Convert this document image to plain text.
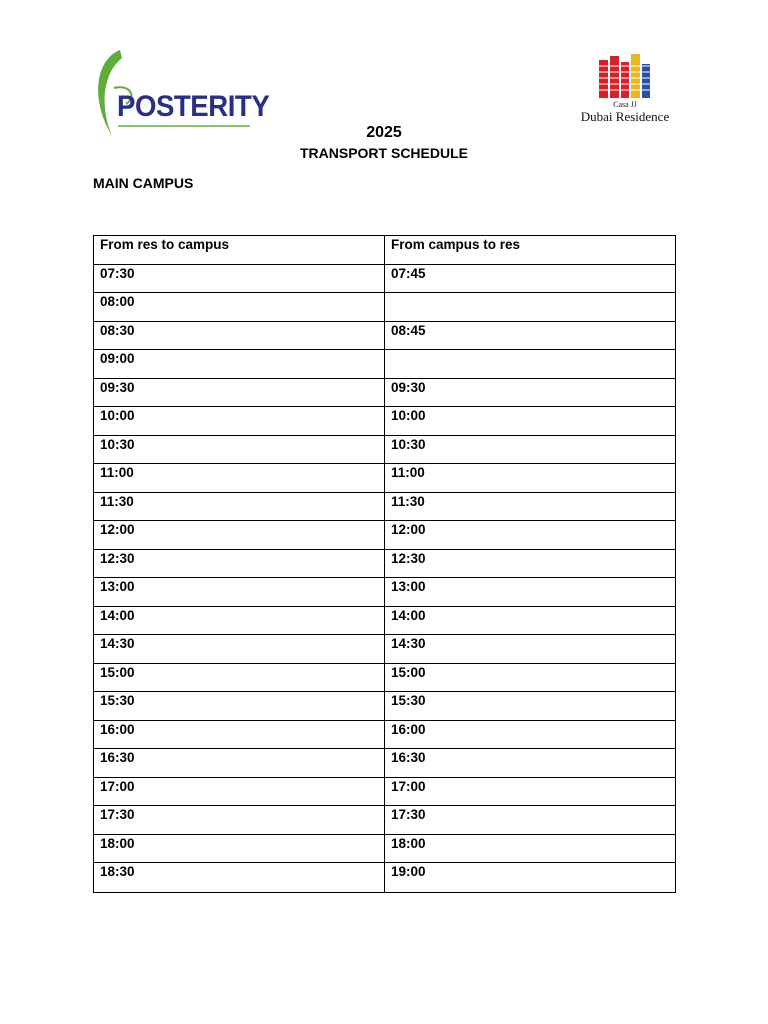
POSTERITY	Casa JJ
Dubai Residence
2025
TRANSPORT SCHEDULE
MAIN CAMPUS
From res to campus	From campus to res
07:30	07:45
08:00	
08:30	08:45
09:00	
09:30	09:30
10:00	10:00
10:30	10:30
11:00	11:00
11:30	11:30
12:00	12:00
12:30	12:30
13:00	13:00
14:00	14:00
14:30	14:30
15:00	15:00
15:30	15:30
16:00	16:00
16:30	16:30
17:00	17:00
17:30	17:30
18:00	18:00
18:30	19:00
